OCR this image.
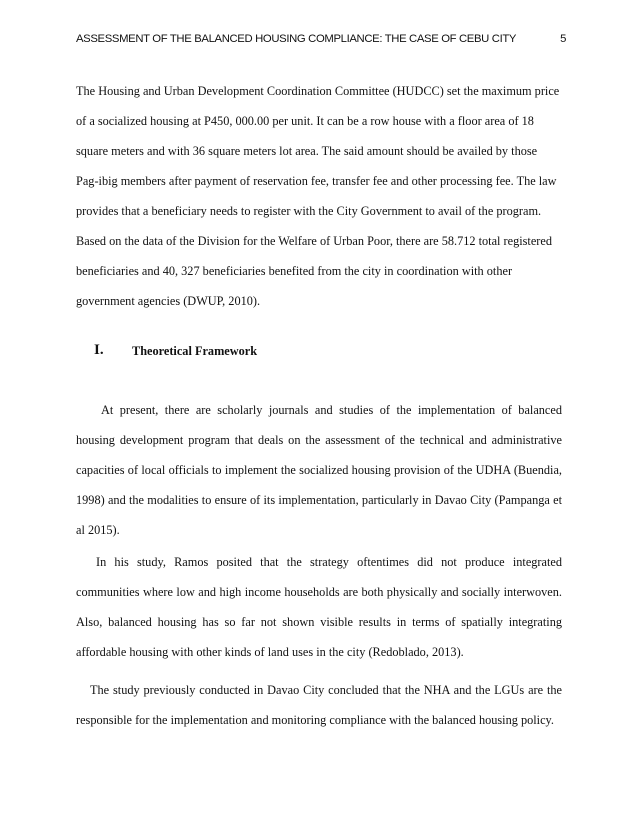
ASSESSMENT OF THE BALANCED HOUSING COMPLIANCE: THE CASE OF CEBU CITY	5

The Housing and Urban Development Coordination Committee (HUDCC) set the maximum price of a socialized housing at P450, 000.00 per unit. It can be a row house with a floor area of 18 square meters and with 36 square meters lot area. The said amount should be availed by those Pag-ibig members after payment of reservation fee, transfer fee and other processing fee. The law provides that a beneficiary needs to register with the City Government to avail of the program. Based on the data of the Division for the Welfare of Urban Poor, there are 58.712 total registered beneficiaries and 40, 327 beneficiaries benefited from the city in coordination with other government agencies (DWUP, 2010).

I. Theoretical Framework

At present, there are scholarly journals and studies of the implementation of balanced housing development program that deals on the assessment of the technical and administrative capacities of local officials to implement the socialized housing provision of the UDHA (Buendia, 1998) and the modalities to ensure of its implementation, particularly in Davao City (Pampanga et al 2015).

In his study, Ramos posited that the strategy oftentimes did not produce integrated communities where low and high income households are both physically and socially interwoven. Also, balanced housing has so far not shown visible results in terms of spatially integrating affordable housing with other kinds of land uses in the city (Redoblado, 2013).

The study previously conducted in Davao City concluded that the NHA and the LGUs are the responsible for the implementation and monitoring compliance with the balanced housing policy.
